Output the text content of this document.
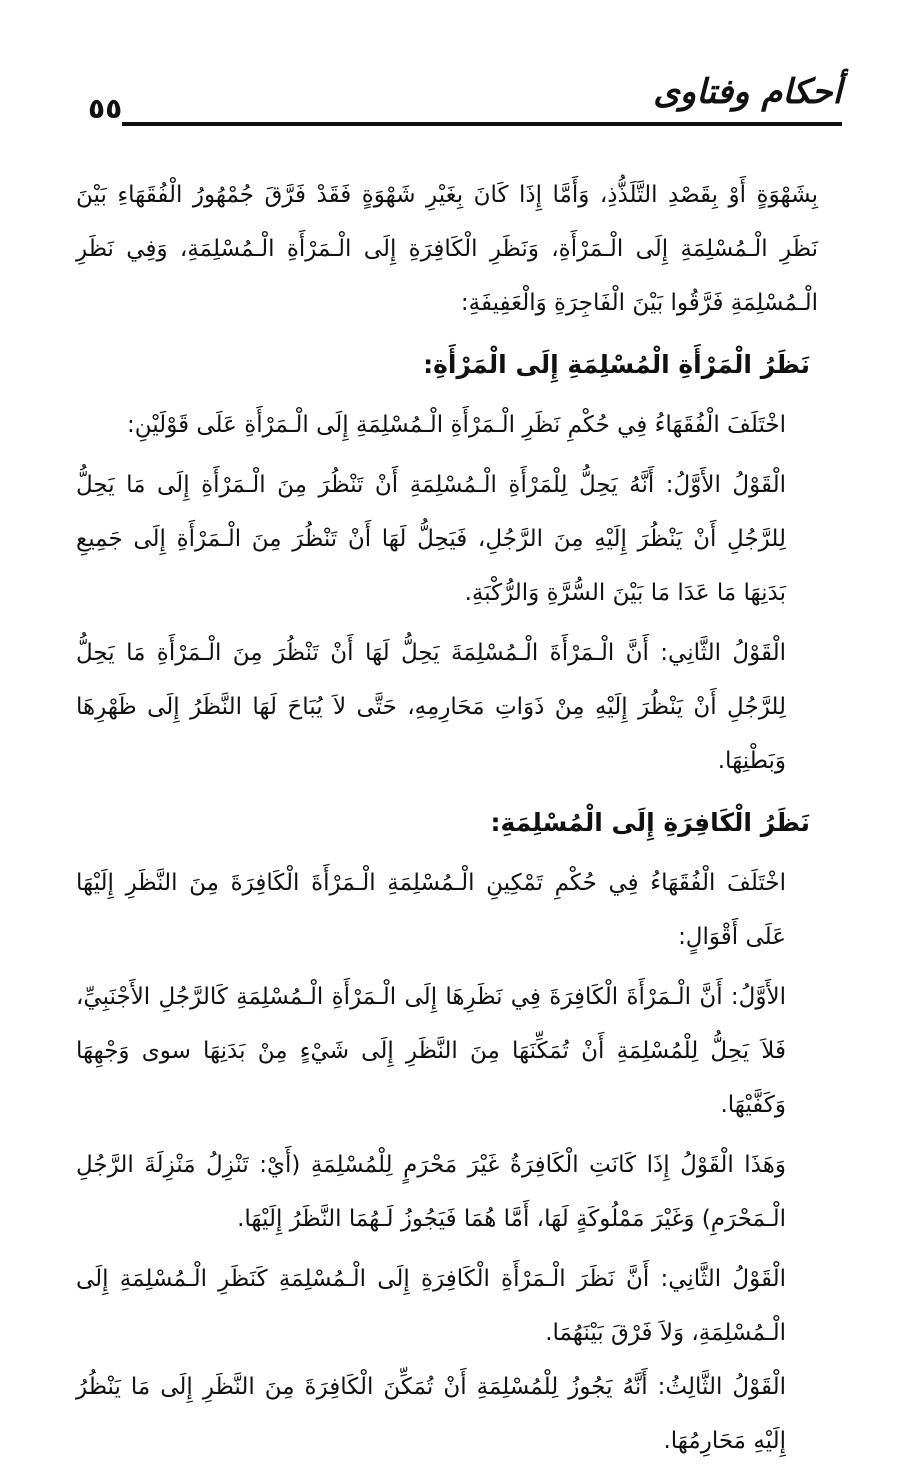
أحكام وفتاوى
٥٥

بِشَهْوَةٍ أَوْ بِقَصْدِ التَّلَذُّذِ، وَأَمَّا إِذَا كَانَ بِغَيْرِ شَهْوَةٍ فَقَدْ فَرَّقَ جُمْهُورُ الْفُقَهَاءِ بَيْنَ نَظَرِ الْـمُسْلِمَةِ إِلَى الْـمَرْأَةِ، وَنَظَرِ الْكَافِرَةِ إِلَى الْـمَرْأَةِ الْـمُسْلِمَةِ، وَفِي نَظَرِ الْـمُسْلِمَةِ فَرَّقُوا بَيْنَ الْفَاجِرَةِ وَالْعَفِيفَةِ:

نَظَرُ الْمَرْأَةِ الْمُسْلِمَةِ إِلَى الْمَرْأَةِ:

اخْتَلَفَ الْفُقَهَاءُ فِي حُكْمِ نَظَرِ الْـمَرْأَةِ الْـمُسْلِمَةِ إِلَى الْـمَرْأَةِ عَلَى قَوْلَيْنِ:

الْقَوْلُ الأَوَّلُ: أَنَّهُ يَحِلُّ لِلْمَرْأَةِ الْـمُسْلِمَةِ أَنْ تَنْظُرَ مِنَ الْـمَرْأَةِ إِلَى مَا يَحِلُّ لِلرَّجُلِ أَنْ يَنْظُرَ إِلَيْهِ مِنَ الرَّجُلِ، فَيَحِلُّ لَهَا أَنْ تَنْظُرَ مِنَ الْـمَرْأَةِ إِلَى جَمِيعِ بَدَنِهَا مَا عَدَا مَا بَيْنَ السُّرَّةِ وَالرُّكْبَةِ.

الْقَوْلُ الثَّانِي: أَنَّ الْـمَرْأَةَ الْـمُسْلِمَةَ يَحِلُّ لَهَا أَنْ تَنْظُرَ مِنَ الْـمَرْأَةِ مَا يَحِلُّ لِلرَّجُلِ أَنْ يَنْظُرَ إِلَيْهِ مِنْ ذَوَاتِ مَحَارِمِهِ، حَتَّى لاَ يُبَاحَ لَهَا النَّظَرُ إِلَى ظَهْرِهَا وَبَطْنِهَا.

نَظَرُ الْكَافِرَةِ إِلَى الْمُسْلِمَةِ:

اخْتَلَفَ الْفُقَهَاءُ فِي حُكْمِ تَمْكِينِ الْـمُسْلِمَةِ الْـمَرْأَةَ الْكَافِرَةَ مِنَ النَّظَرِ إِلَيْهَا عَلَى أَقْوَالٍ:

الأَوَّلُ: أَنَّ الْـمَرْأَةَ الْكَافِرَةَ فِي نَظَرِهَا إِلَى الْـمَرْأَةِ الْـمُسْلِمَةِ كَالرَّجُلِ الأَجْنَبِيِّ، فَلاَ يَحِلُّ لِلْمُسْلِمَةِ أَنْ تُمَكِّنَهَا مِنَ النَّظَرِ إِلَى شَيْءٍ مِنْ بَدَنِهَا سوى وَجْهِهَا وَكَفَّيْهَا.

وَهَذَا الْقَوْلُ إِذَا كَانَتِ الْكَافِرَةُ غَيْرَ مَحْرَمٍ لِلْمُسْلِمَةِ (أَيْ: تَنْزِلُ مَنْزِلَةَ الرَّجُلِ الْـمَحْرَمِ) وَغَيْرَ مَمْلُوكَةٍ لَهَا، أَمَّا هُمَا فَيَجُوزُ لَـهُمَا النَّظَرُ إِلَيْهَا.

الْقَوْلُ الثَّانِي: أَنَّ نَظَرَ الْـمَرْأَةِ الْكَافِرَةِ إِلَى الْـمُسْلِمَةِ كَنَظَرِ الْـمُسْلِمَةِ إِلَى الْـمُسْلِمَةِ، وَلاَ فَرْقَ بَيْنَهُمَا.

الْقَوْلُ الثَّالِثُ: أَنَّهُ يَجُوزُ لِلْمُسْلِمَةِ أَنْ تُمَكِّنَ الْكَافِرَةَ مِنَ النَّظَرِ إِلَى مَا يَنْظُرُ إِلَيْهِ مَحَارِمُهَا.
